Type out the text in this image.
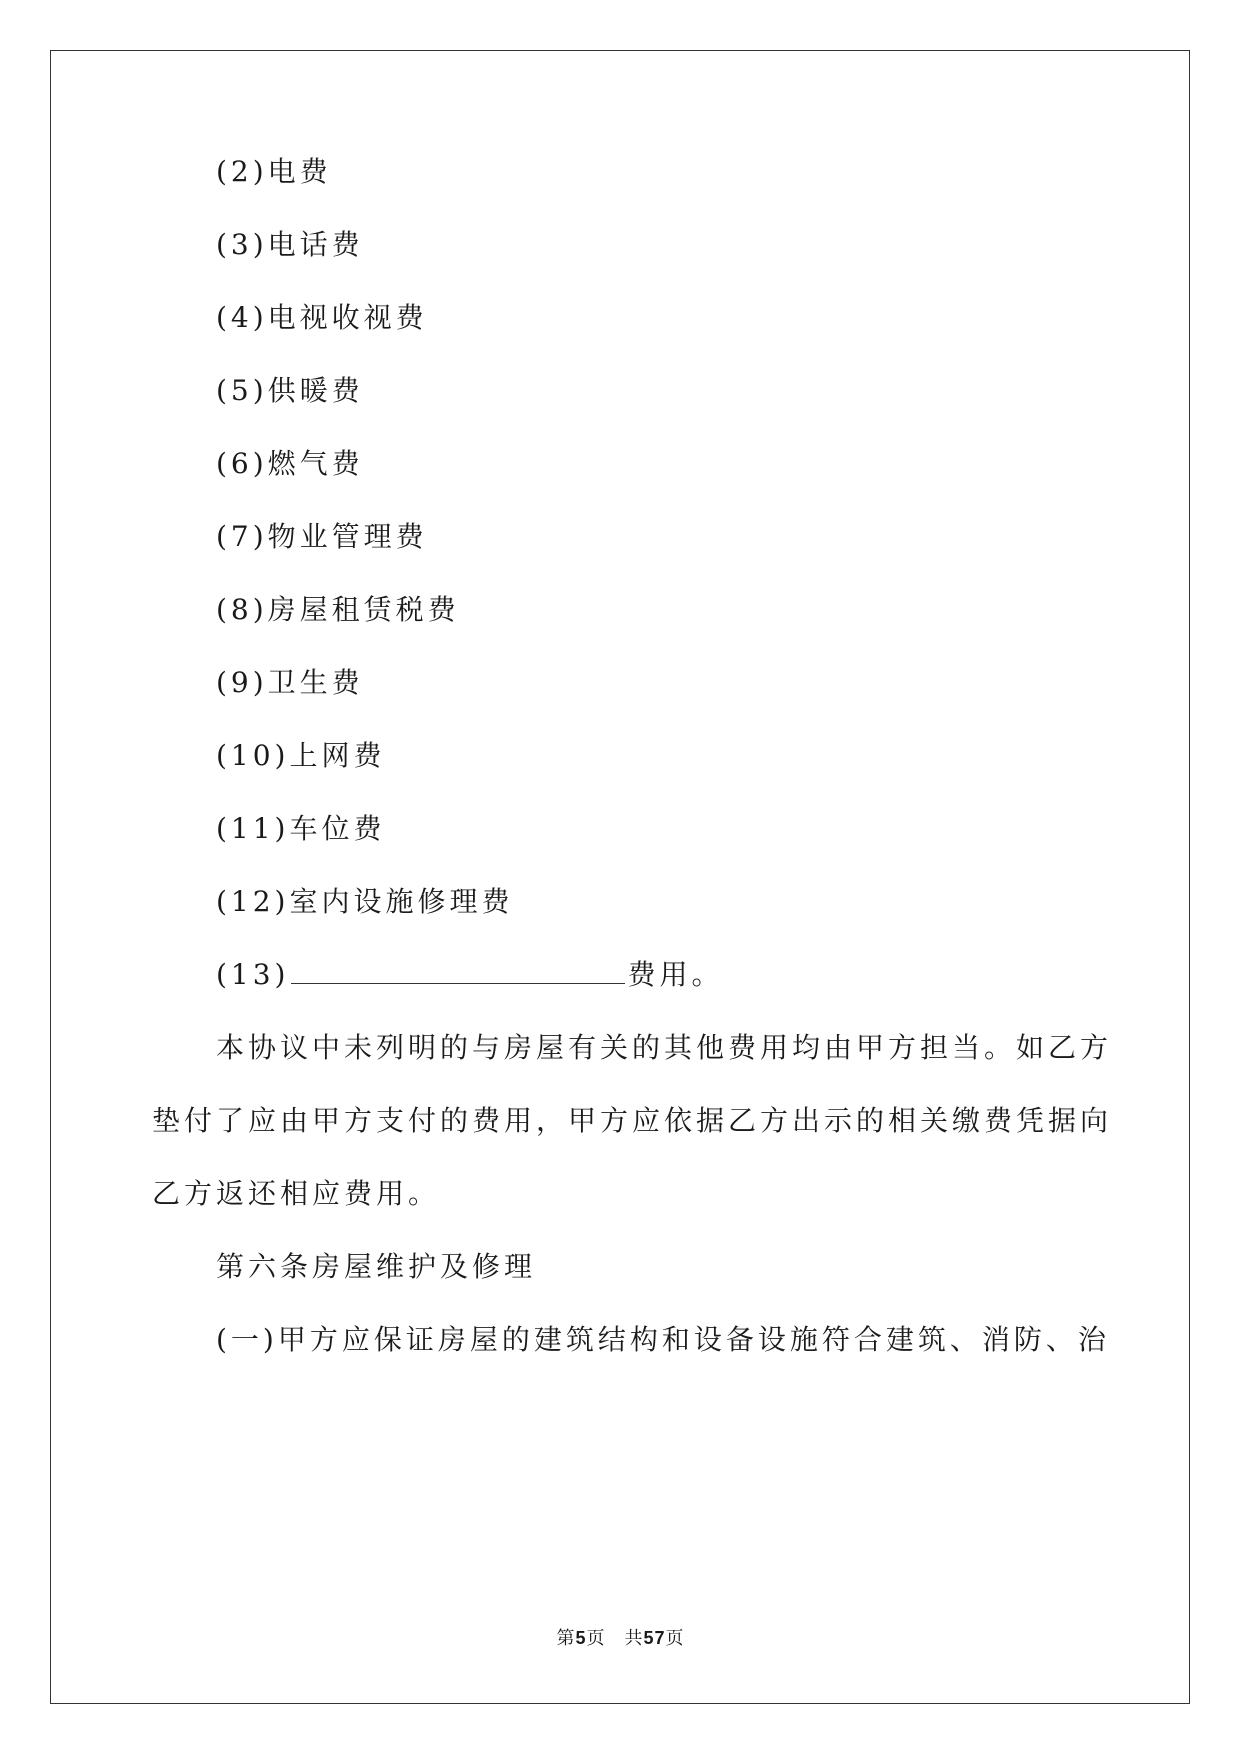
(2)电费
(3)电话费
(4)电视收视费
(5)供暖费
(6)燃气费
(7)物业管理费
(8)房屋租赁税费
(9)卫生费
(10)上网费
(11)车位费
(12)室内设施修理费
(13)	费用。
本协议中未列明的与房屋有关的其他费用均由甲方担当。如乙方
垫付了应由甲方支付的费用，甲方应依据乙方出示的相关缴费凭据向
乙方返还相应费用。
第六条房屋维护及修理
(一)甲方应保证房屋的建筑结构和设备设施符合建筑、消防、治
第5页　共57页
